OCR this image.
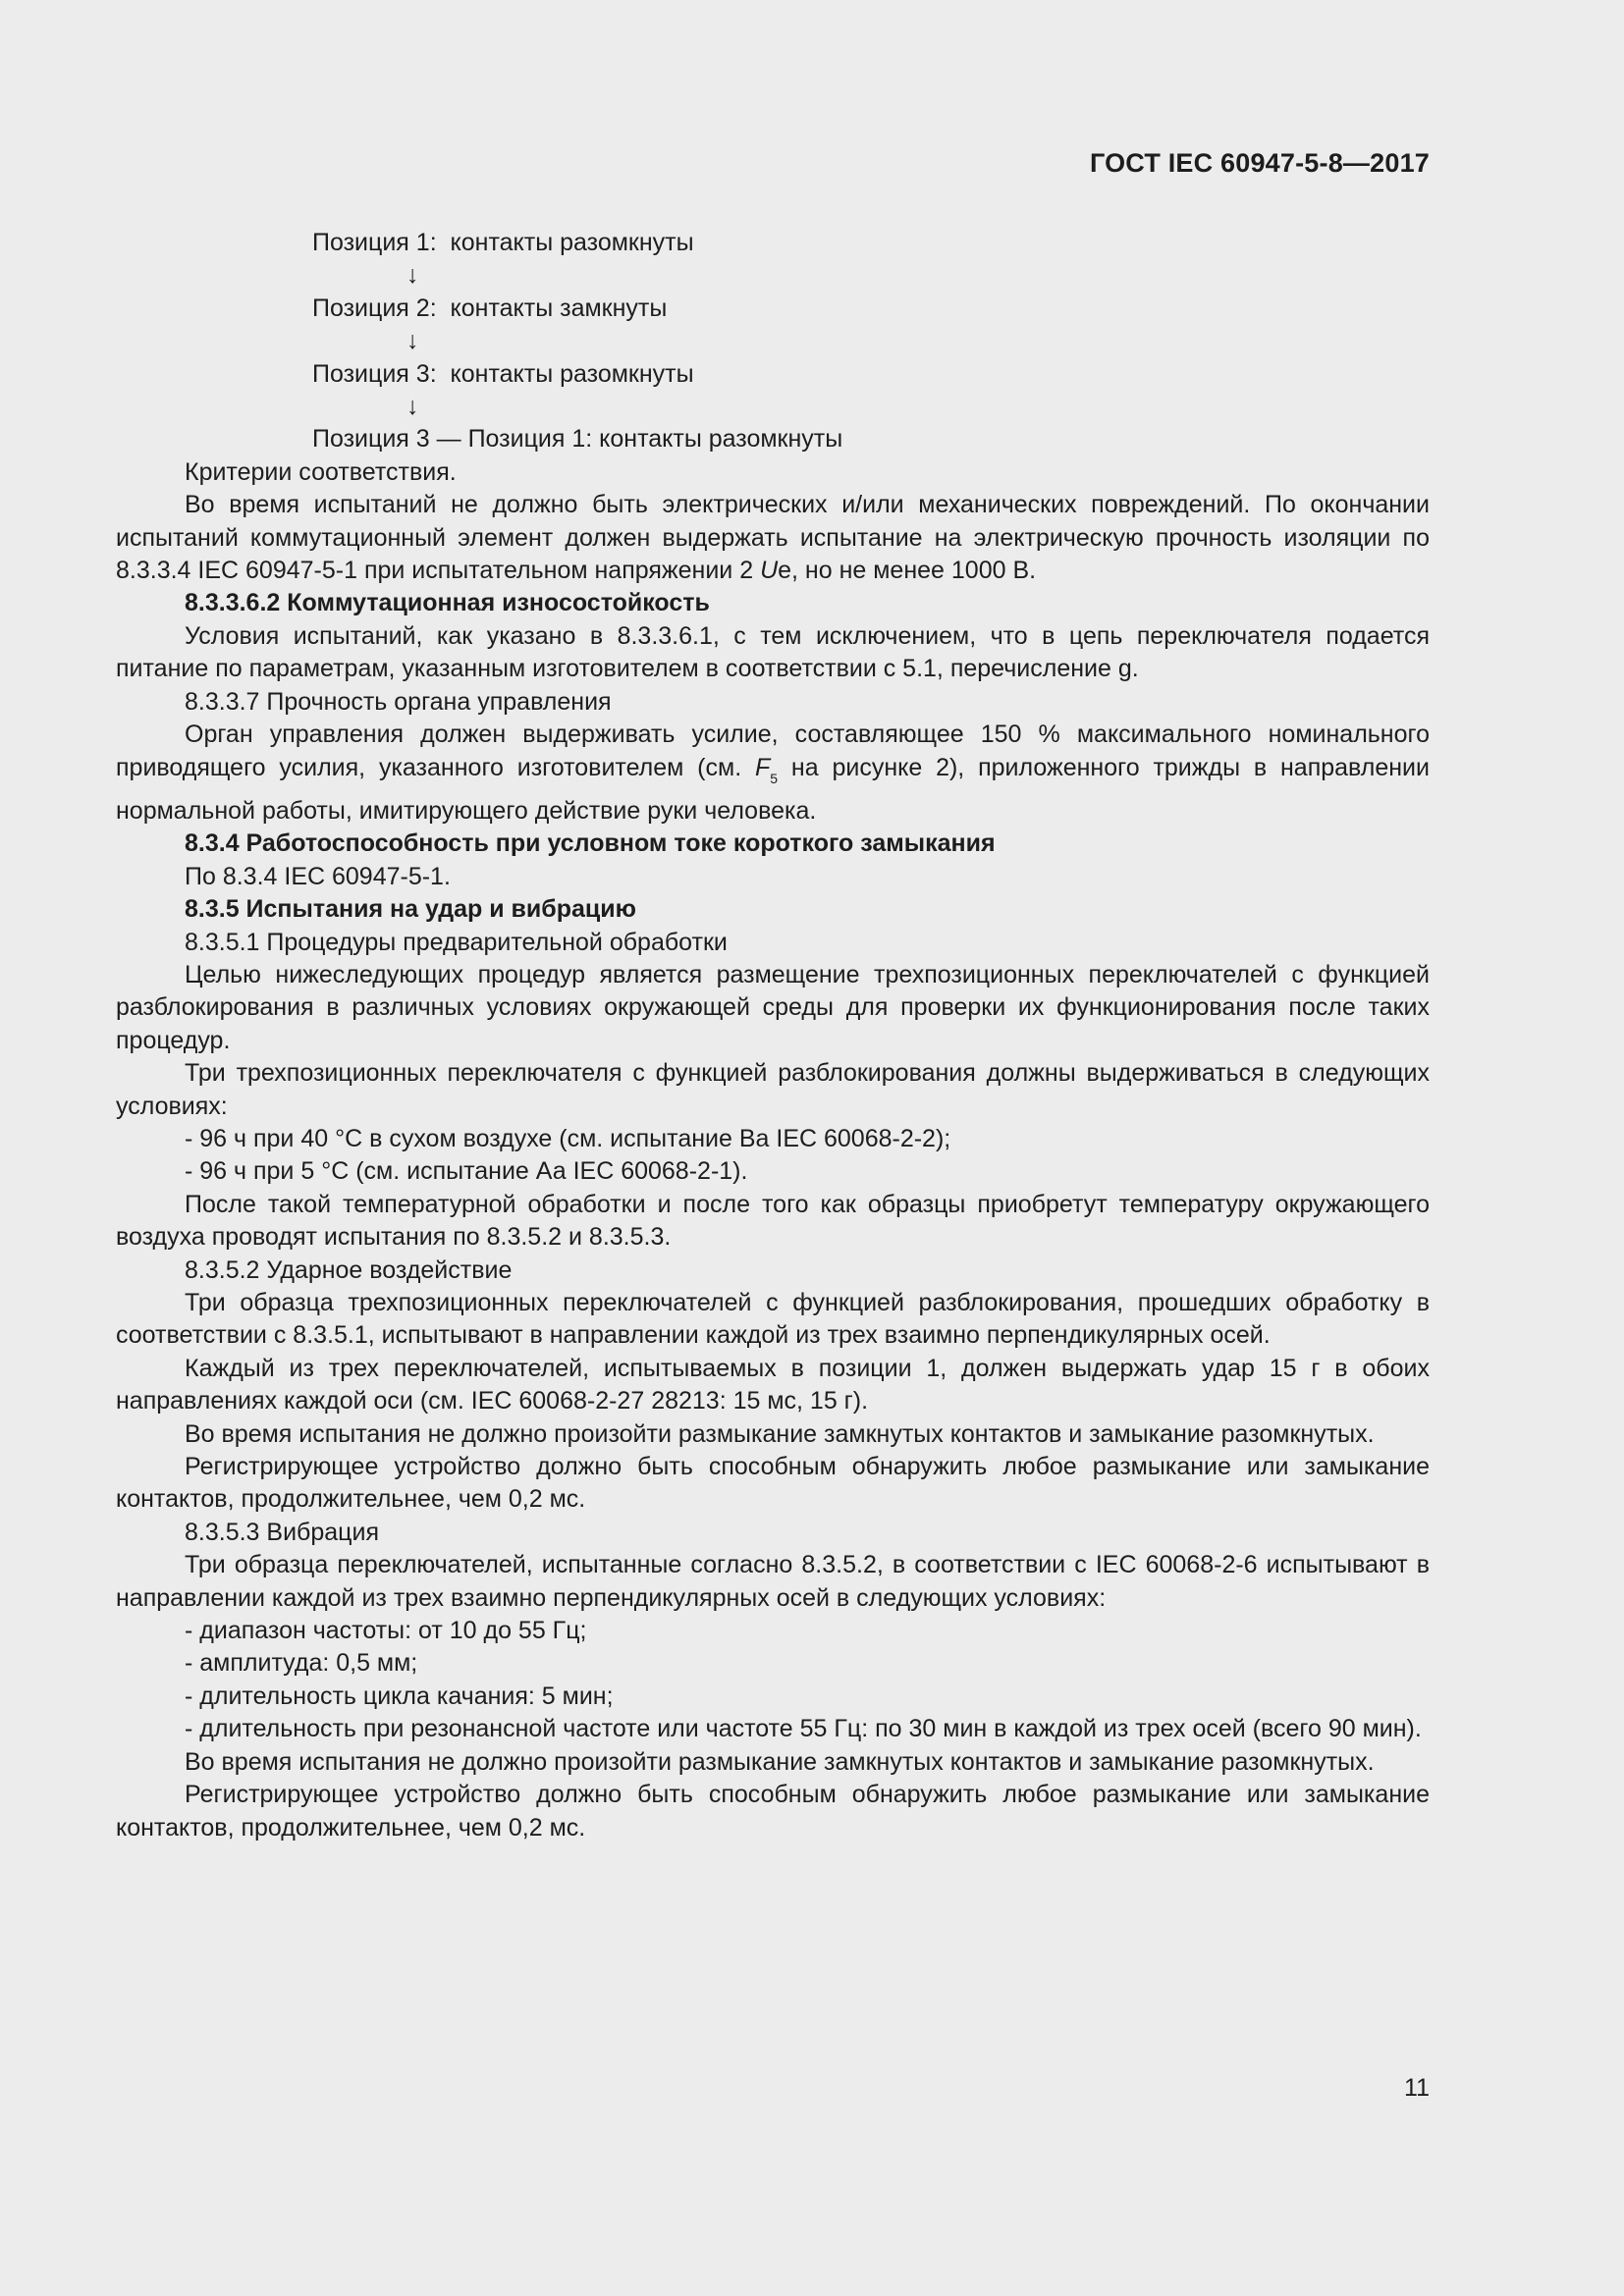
ГОСТ IEC 60947-5-8—2017
Позиция 1:  контакты разомкнуты
↓
Позиция 2:  контакты замкнуты
↓
Позиция 3:  контакты разомкнуты
↓
Позиция 3 — Позиция 1: контакты разомкнуты

Критерии соответствия.

Во время испытаний не должно быть электрических и/или механических повреждений. По окончании испытаний коммутационный элемент должен выдержать испытание на электрическую прочность изоляции по 8.3.3.4 IEC 60947-5-1 при испытательном напряжении 2 Ue, но не менее 1000 В.

8.3.3.6.2 Коммутационная износостойкость

Условия испытаний, как указано в 8.3.3.6.1, с тем исключением, что в цепь переключателя подается питание по параметрам, указанным изготовителем в соответствии с 5.1, перечисление g.

8.3.3.7 Прочность органа управления

Орган управления должен выдерживать усилие, составляющее 150 % максимального номинального приводящего усилия, указанного изготовителем (см. $F_5$ на рисунке 2), приложенного трижды в направлении нормальной работы, имитирующего действие руки человека.

8.3.4 Работоспособность при условном токе короткого замыкания

По 8.3.4 IEC 60947-5-1.

8.3.5 Испытания на удар и вибрацию
8.3.5.1 Процедуры предварительной обработки

Целью нижеследующих процедур является размещение трехпозиционных переключателей с функцией разблокирования в различных условиях окружающей среды для проверки их функционирования после таких процедур.

Три трехпозиционных переключателя с функцией разблокирования должны выдерживаться в следующих условиях:

- 96 ч при 40 °С в сухом воздухе (см. испытание Ва IEC 60068-2-2);
- 96 ч при 5 °С (см. испытание Аа IEC 60068-2-1).

После такой температурной обработки и после того как образцы приобретут температуру окружающего воздуха проводят испытания по 8.3.5.2 и 8.3.5.3.

8.3.5.2 Ударное воздействие

Три образца трехпозиционных переключателей с функцией разблокирования, прошедших обработку в соответствии с 8.3.5.1, испытывают в направлении каждой из трех взаимно перпендикулярных осей.

Каждый из трех переключателей, испытываемых в позиции 1, должен выдержать удар 15 г в обоих направлениях каждой оси (см. IEC 60068-2-27 28213: 15 мс, 15 г).

Во время испытания не должно произойти размыкание замкнутых контактов и замыкание разомкнутых.

Регистрирующее устройство должно быть способным обнаружить любое размыкание или замыкание контактов, продолжительнее, чем 0,2 мс.

8.3.5.3 Вибрация

Три образца переключателей, испытанные согласно 8.3.5.2, в соответствии с IEC 60068-2-6 испытывают в направлении каждой из трех взаимно перпендикулярных осей в следующих условиях:

- диапазон частоты: от 10 до 55 Гц;
- амплитуда: 0,5 мм;
- длительность цикла качания: 5 мин;

- длительность при резонансной частоте или частоте 55 Гц: по 30 мин в каждой из трех осей (всего 90 мин).

Во время испытания не должно произойти размыкание замкнутых контактов и замыкание разомкнутых.

Регистрирующее устройство должно быть способным обнаружить любое размыкание или замыкание контактов, продолжительнее, чем 0,2 мс.

11
